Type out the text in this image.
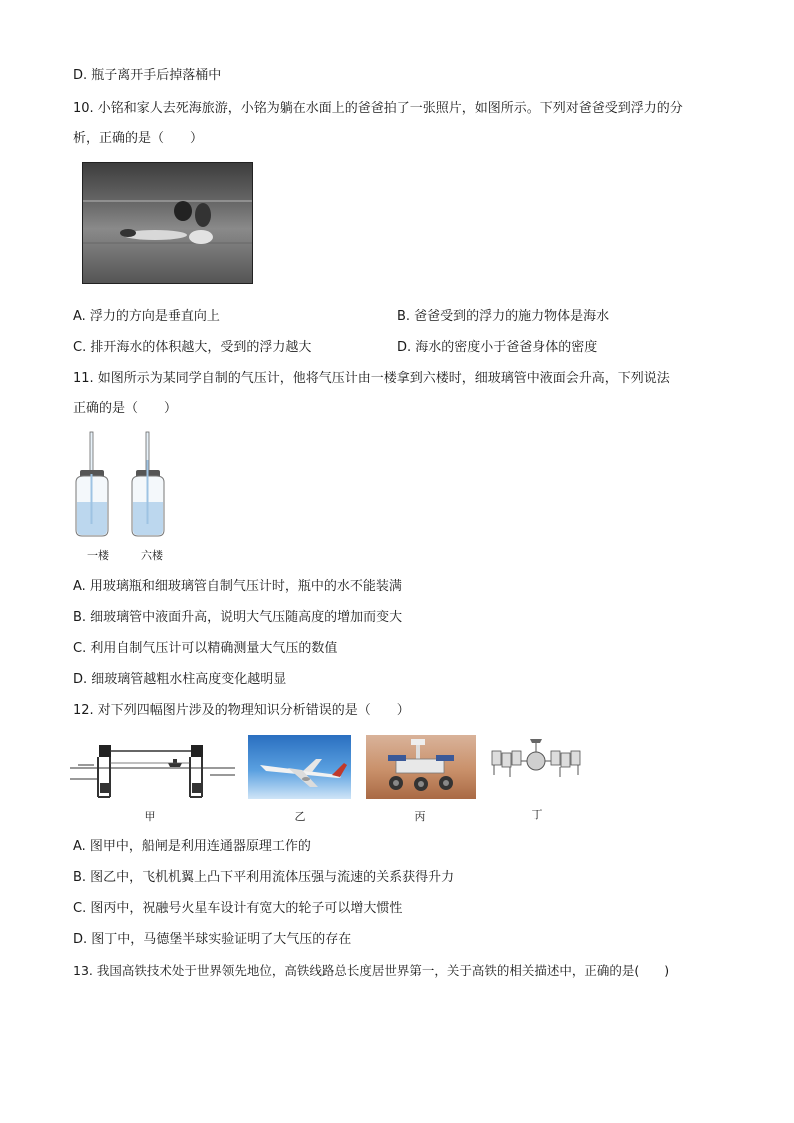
D. 瓶子离开手后掉落桶中
10. 小铭和家人去死海旅游，小铭为躺在水面上的爸爸拍了一张照片，如图所示。下列对爸爸受到浮力的分
析，正确的是（　　）
A. 浮力的方向是垂直向上	B. 爸爸受到的浮力的施力物体是海水
C. 排开海水的体积越大，受到的浮力越大	D. 海水的密度小于爸爸身体的密度
11. 如图所示为某同学自制的气压计，他将气压计由一楼拿到六楼时，细玻璃管中液面会升高，下列说法
正确的是（　　）
一楼	六楼
A. 用玻璃瓶和细玻璃管自制气压计时，瓶中的水不能装满
B. 细玻璃管中液面升高，说明大气压随高度的增加而变大
C. 利用自制气压计可以精确测量大气压的数值
D. 细玻璃管越粗水柱高度变化越明显
12. 对下列四幅图片涉及的物理知识分析错误的是（　　）
甲	乙	丙	丁
A. 图甲中，船闸是利用连通器原理工作的
B. 图乙中，飞机机翼上凸下平利用流体压强与流速的关系获得升力
C. 图丙中，祝融号火星车设计有宽大的轮子可以增大惯性
D. 图丁中，马德堡半球实验证明了大气压的存在
13. 我国高铁技术处于世界领先地位，高铁线路总长度居世界第一，关于高铁的相关描述中，正确的是(　　)
